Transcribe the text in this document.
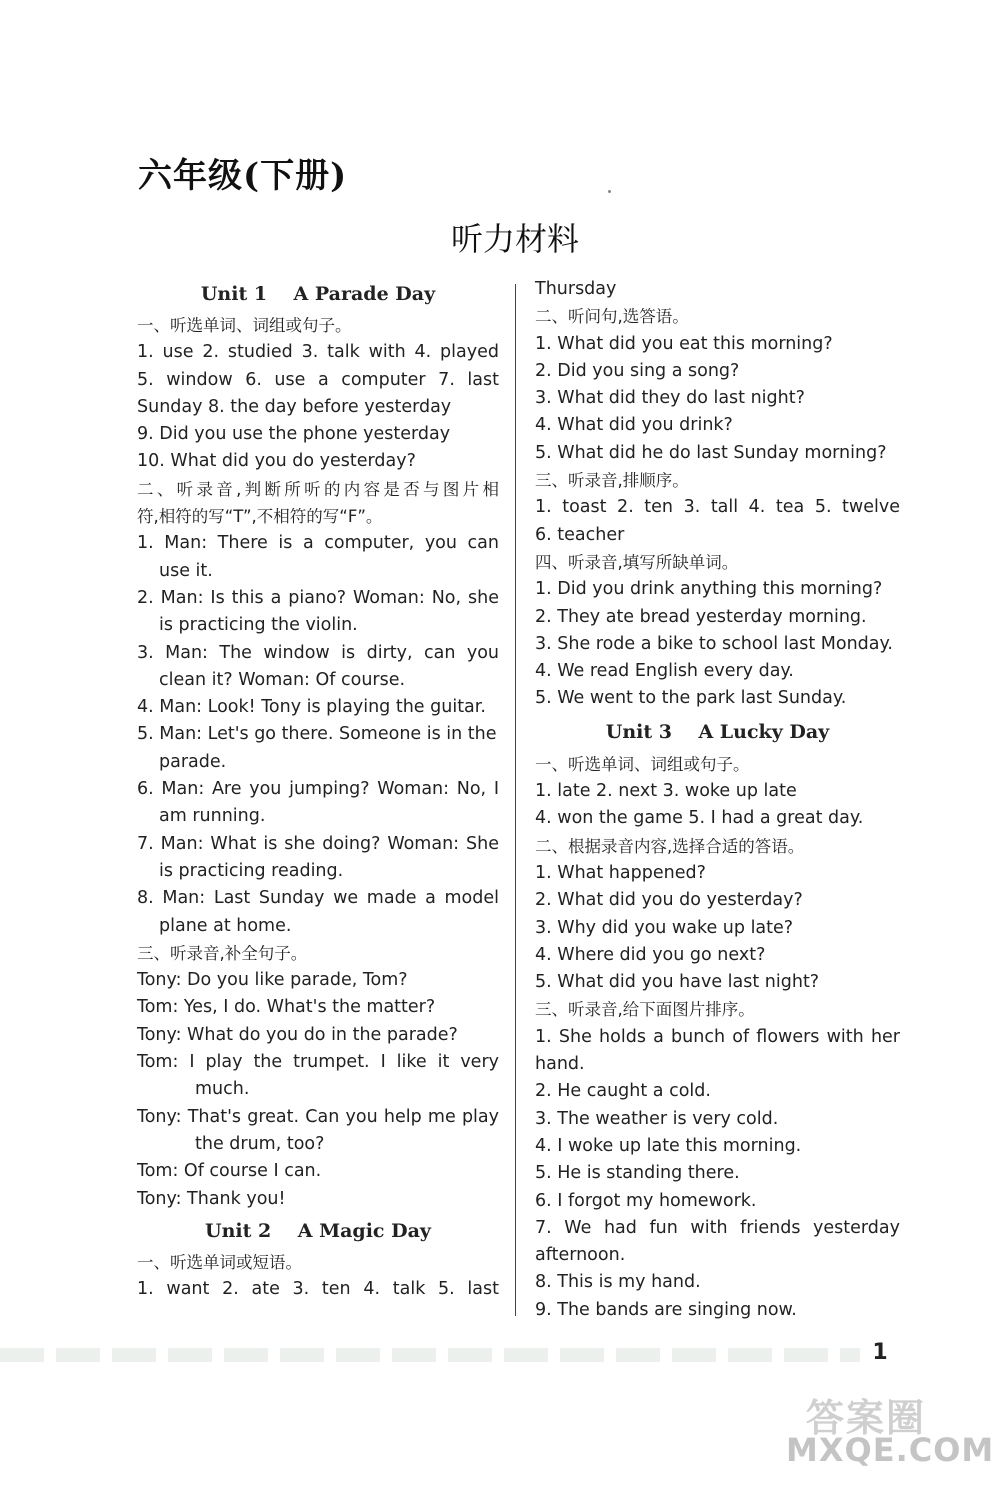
六年级(下册)
听力材料
Unit 1    A Parade Day
一、听选单词、词组或句子。
1. use 2. studied 3. talk with 4. played
5. window 6. use a computer 7. last
Sunday 8. the day before yesterday
9. Did you use the phone yesterday
10. What did you do yesterday?
二、听录音,判断所听的内容是否与图片相
符,相符的写“T”,不相符的写“F”。
1. Man: There is a computer, you can
use it.
2. Man: Is this a piano? Woman: No, she
is practicing the violin.
3. Man: The window is dirty, can you
clean it? Woman: Of course.
4. Man: Look! Tony is playing the guitar.
5. Man: Let's go there. Someone is in the
parade.
6. Man: Are you jumping? Woman: No, I
am running.
7. Man: What is she doing? Woman: She
is practicing reading.
8. Man: Last Sunday we made a model
plane at home.
三、听录音,补全句子。
Tony: Do you like parade, Tom?
Tom: Yes, I do. What's the matter?
Tony: What do you do in the parade?
Tom: I play the trumpet. I like it very
much.
Tony: That's great. Can you help me play
the drum, too?
Tom: Of course I can.
Tony: Thank you!
Unit 2    A Magic Day
一、听选单词或短语。
1. want 2. ate 3. ten 4. talk 5. last
Thursday
二、听问句,选答语。
1. What did you eat this morning?
2. Did you sing a song?
3. What did they do last night?
4. What did you drink?
5. What did he do last Sunday morning?
三、听录音,排顺序。
1. toast 2. ten 3. tall 4. tea 5. twelve
6. teacher
四、听录音,填写所缺单词。
1. Did you drink anything this morning?
2. They ate bread yesterday morning.
3. She rode a bike to school last Monday.
4. We read English every day.
5. We went to the park last Sunday.
Unit 3    A Lucky Day
一、听选单词、词组或句子。
1. late 2. next 3. woke up late
4. won the game 5. I had a great day.
二、根据录音内容,选择合适的答语。
1. What happened?
2. What did you do yesterday?
3. Why did you wake up late?
4. Where did you go next?
5. What did you have last night?
三、听录音,给下面图片排序。
1. She holds a bunch of flowers with her
hand.
2. He caught a cold.
3. The weather is very cold.
4. I woke up late this morning.
5. He is standing there.
6. I forgot my homework.
7. We had fun with friends yesterday
afternoon.
8. This is my hand.
9. The bands are singing now.
1
答案圈
MXQE.COM
